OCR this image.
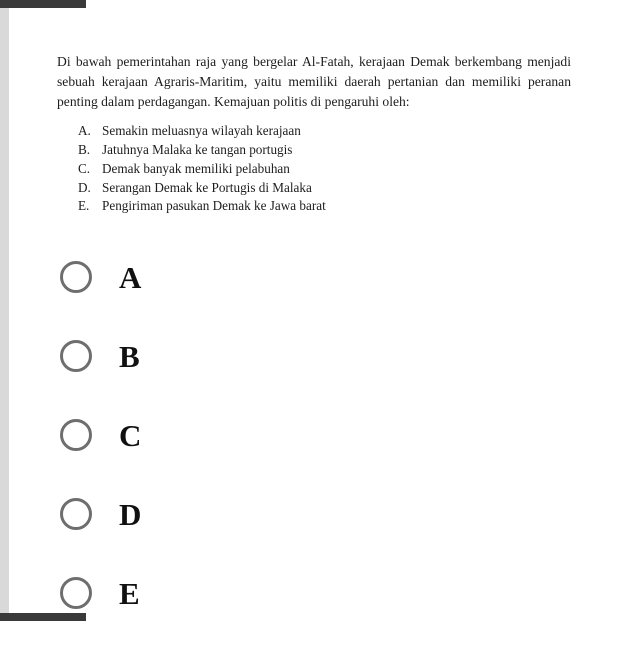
Di bawah pemerintahan raja yang bergelar Al-Fatah, kerajaan Demak berkembang menjadi sebuah kerajaan Agraris-Maritim, yaitu memiliki daerah pertanian dan memiliki peranan penting dalam perdagangan. Kemajuan politis di pengaruhi oleh:

A. Semakin meluasnya wilayah kerajaan
B. Jatuhnya Malaka ke tangan portugis
C. Demak banyak memiliki pelabuhan
D. Serangan Demak ke Portugis di Malaka
E. Pengiriman pasukan Demak ke Jawa barat
A
B
C
D
E
